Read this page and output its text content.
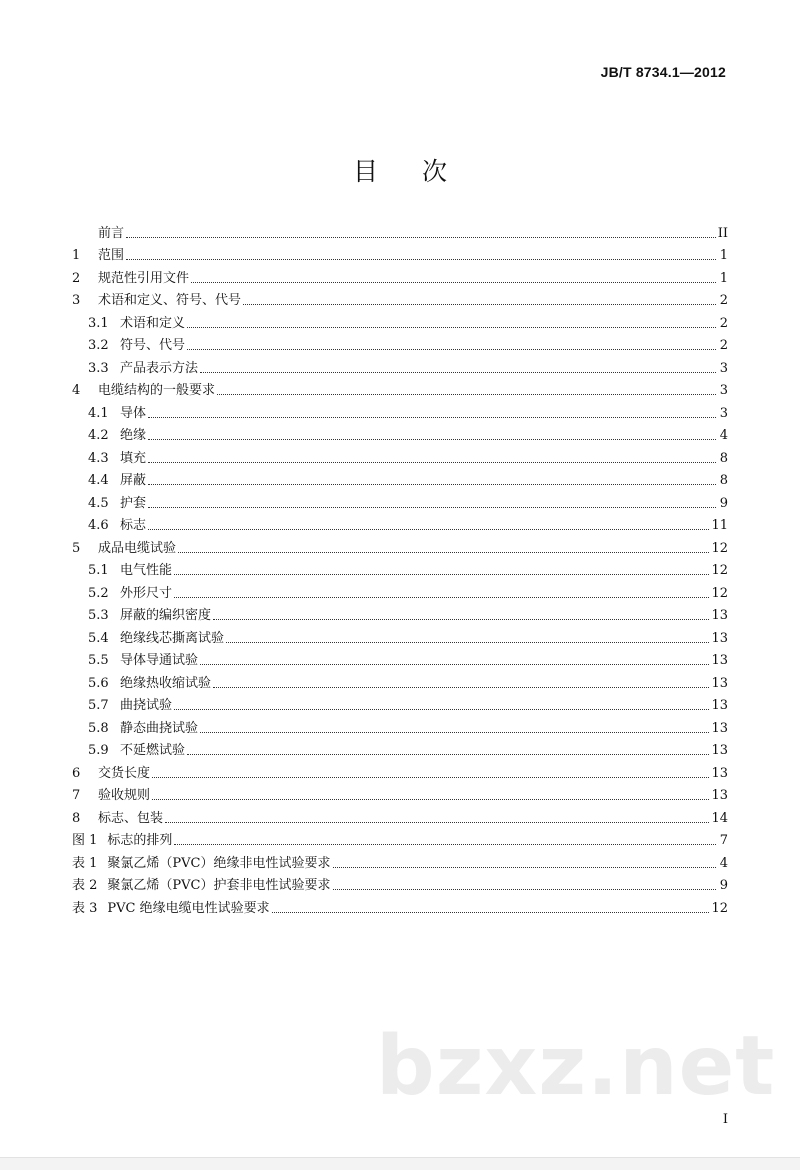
JB/T 8734.1—2012
目 次
前言	II
1	范围	1
2	规范性引用文件	1
3	术语和定义、符号、代号	2
3.1 术语和定义	2
3.2 符号、代号	2
3.3 产品表示方法	3
4	电缆结构的一般要求	3
4.1 导体	3
4.2 绝缘	4
4.3 填充	8
4.4 屏蔽	8
4.5 护套	9
4.6 标志	11
5	成品电缆试验	12
5.1 电气性能	12
5.2 外形尺寸	12
5.3 屏蔽的编织密度	13
5.4 绝缘线芯撕离试验	13
5.5 导体导通试验	13
5.6 绝缘热收缩试验	13
5.7 曲挠试验	13
5.8 静态曲挠试验	13
5.9 不延燃试验	13
6	交货长度	13
7	验收规则	13
8	标志、包装	14
图 1 标志的排列	7
表 1 聚氯乙烯（PVC）绝缘非电性试验要求	4
表 2 聚氯乙烯（PVC）护套非电性试验要求	9
表 3 PVC 绝缘电缆电性试验要求	12
bzxz.net
I
